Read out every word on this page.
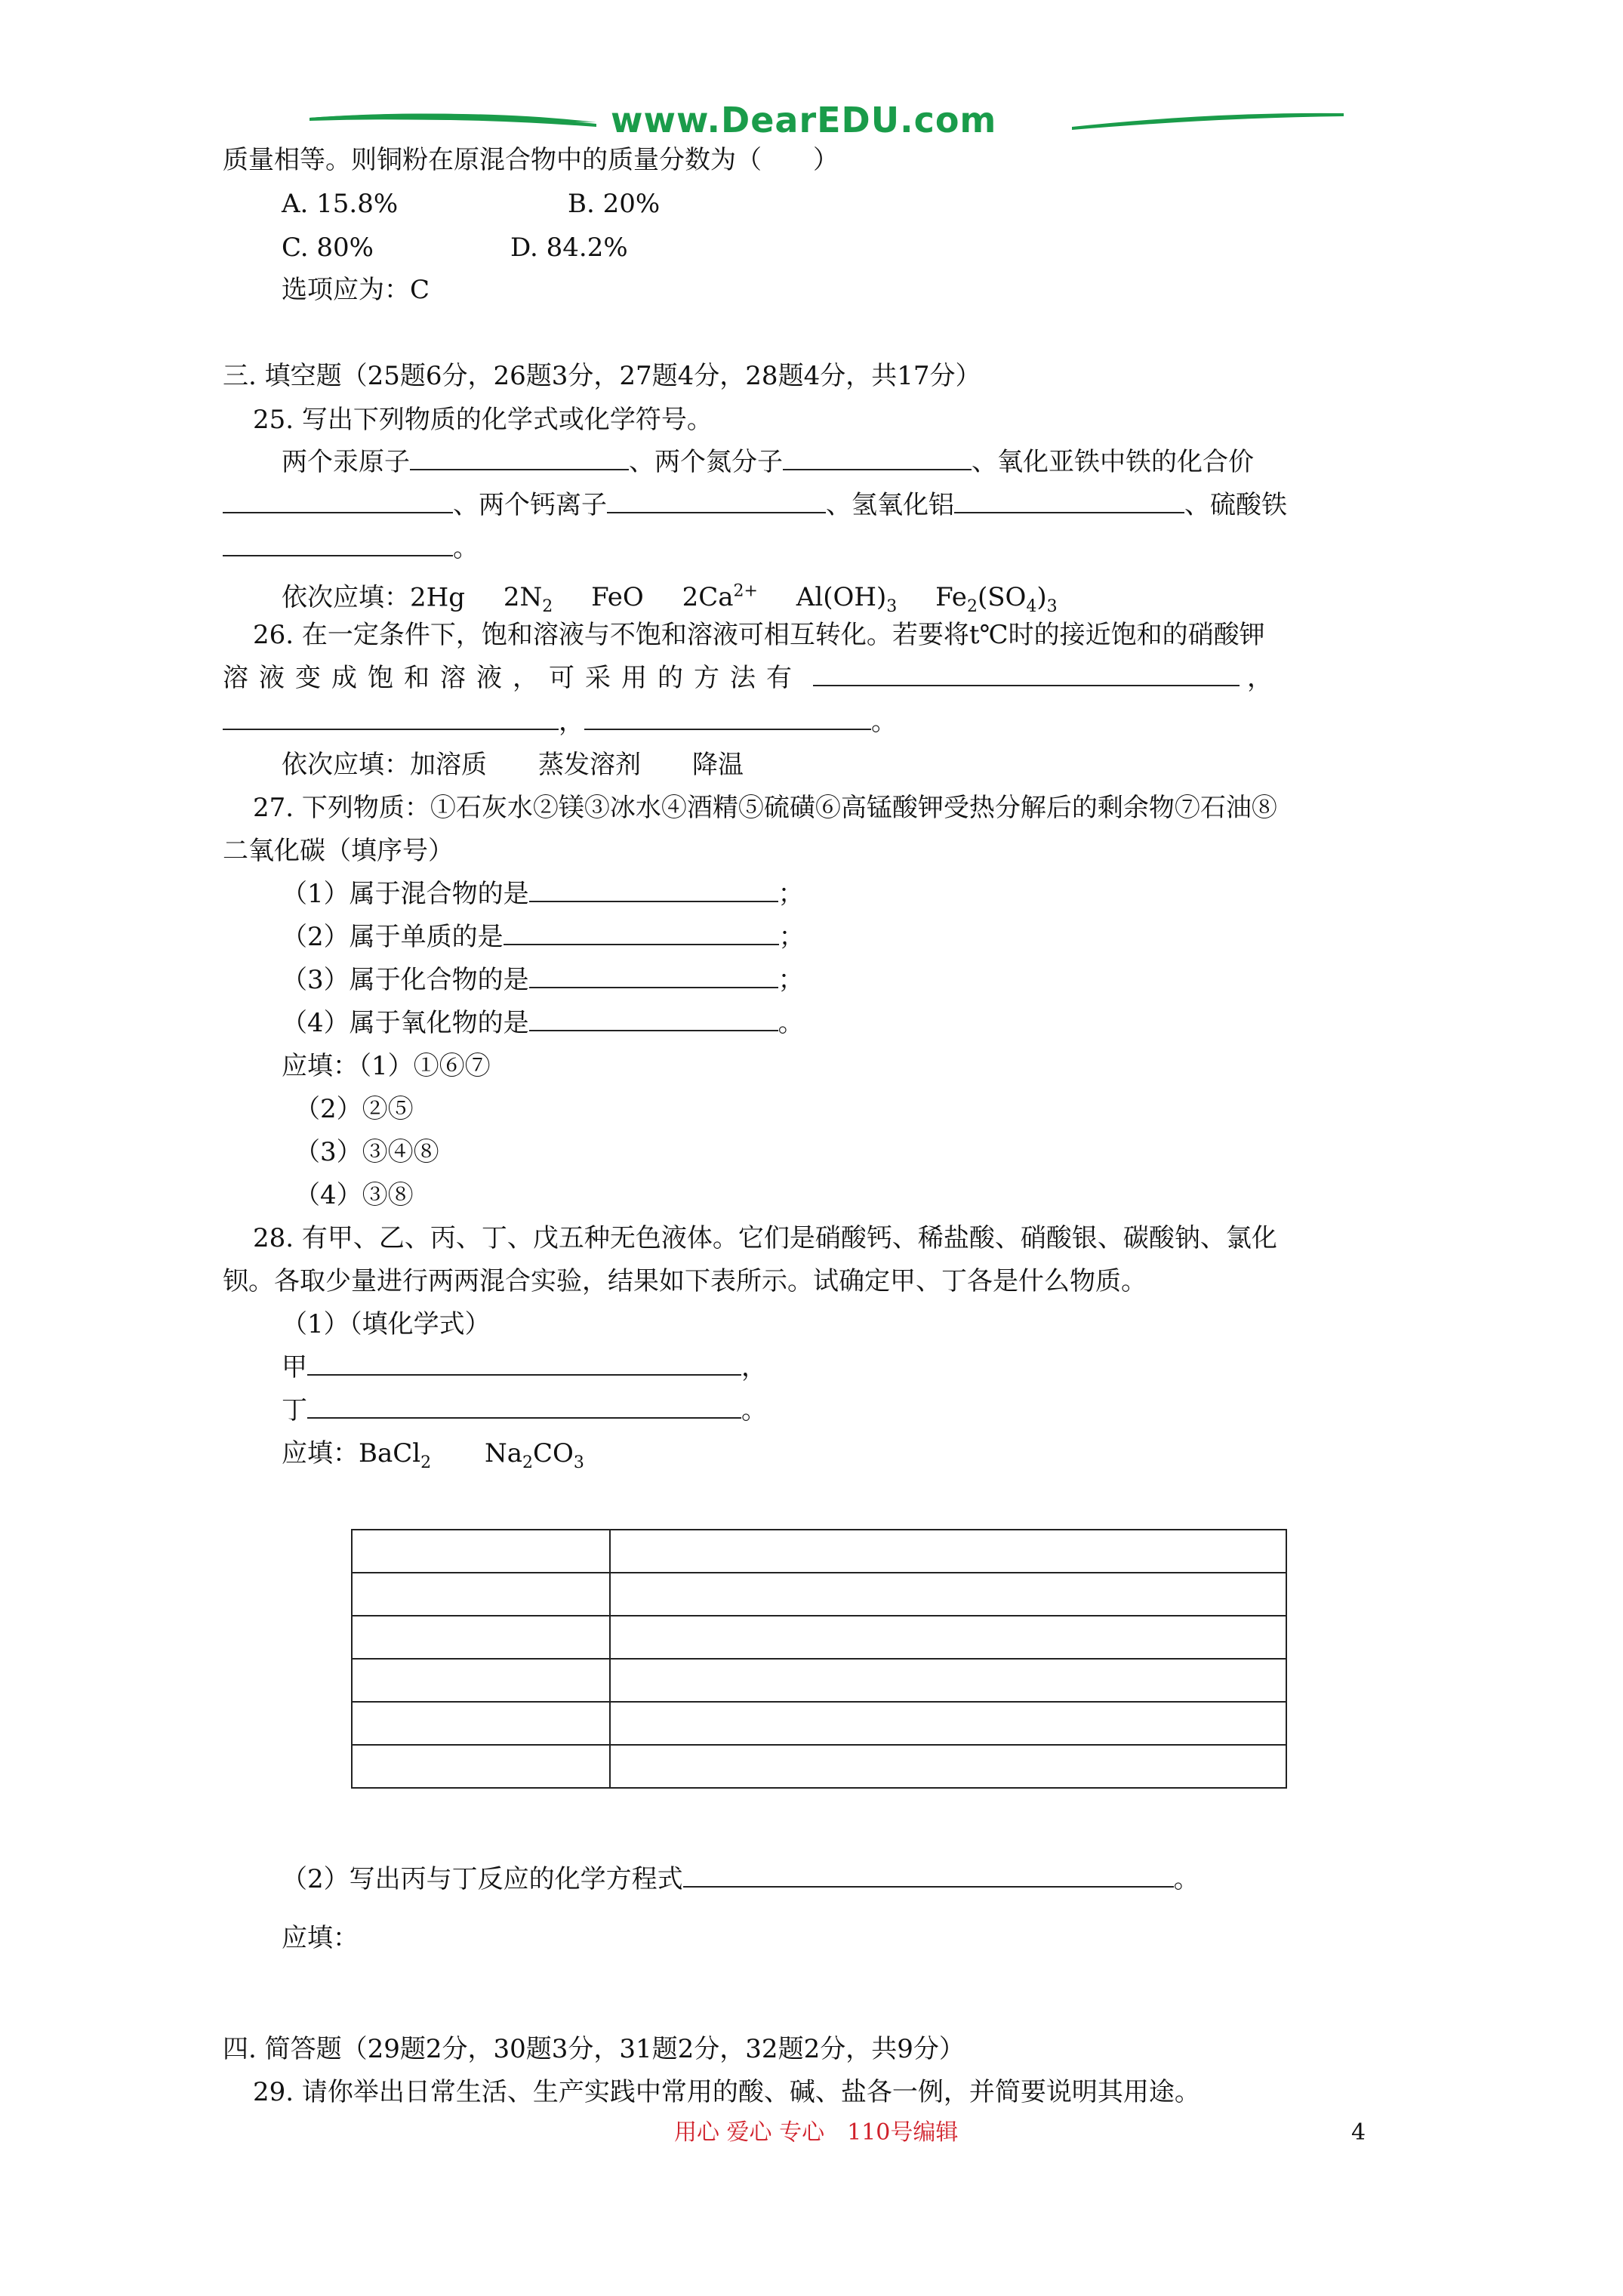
www.DearEDU.com
质量相等。则铜粉在原混合物中的质量分数为（　　）
A. 15.8%	B. 20%
C. 80%	D. 84.2%
选项应为：C
三. 填空题（25题6分，26题3分，27题4分，28题4分，共17分）
25. 写出下列物质的化学式或化学符号。
两个汞原子	、两个氮分子	、氧化亚铁中铁的化合价
、两个钙离子	、氢氧化铝	、硫酸铁
。
依次应填：2Hg $2N_2$ FeO $2Ca^{2+}$ $Al(OH)_3$ $Fe_2(SO_4)_3$
26. 在一定条件下，饱和溶液与不饱和溶液可相互转化。若要将t℃时的接近饱和的硝酸钾
溶液变成饱和溶液，可采用的方法有	，
，	。
依次应填：加溶质　　蒸发溶剂　　降温
27. 下列物质：①石灰水②镁③冰水④酒精⑤硫磺⑥高锰酸钾受热分解后的剩余物⑦石油⑧
二氧化碳（填序号）
（1）属于混合物的是	；
（2）属于单质的是	；
（3）属于化合物的是	；
（4）属于氧化物的是	。
应填：（1）①⑥⑦
（2）②⑤
（3）③④⑧
（4）③⑧
28. 有甲、乙、丙、丁、戊五种无色液体。它们是硝酸钙、稀盐酸、硝酸银、碳酸钠、氯化
钡。各取少量进行两两混合实验，结果如下表所示。试确定甲、丁各是什么物质。
（1）（填化学式）
甲	，
丁	。
应填：BaCl$_2$ $Na_2CO_3$

（2）写出丙与丁反应的化学方程式	。
应填：
四. 简答题（29题2分，30题3分，31题2分，32题2分，共9分）
29. 请你举出日常生活、生产实践中常用的酸、碱、盐各一例，并简要说明其用途。
用心 爱心 专心　110号编辑	4
